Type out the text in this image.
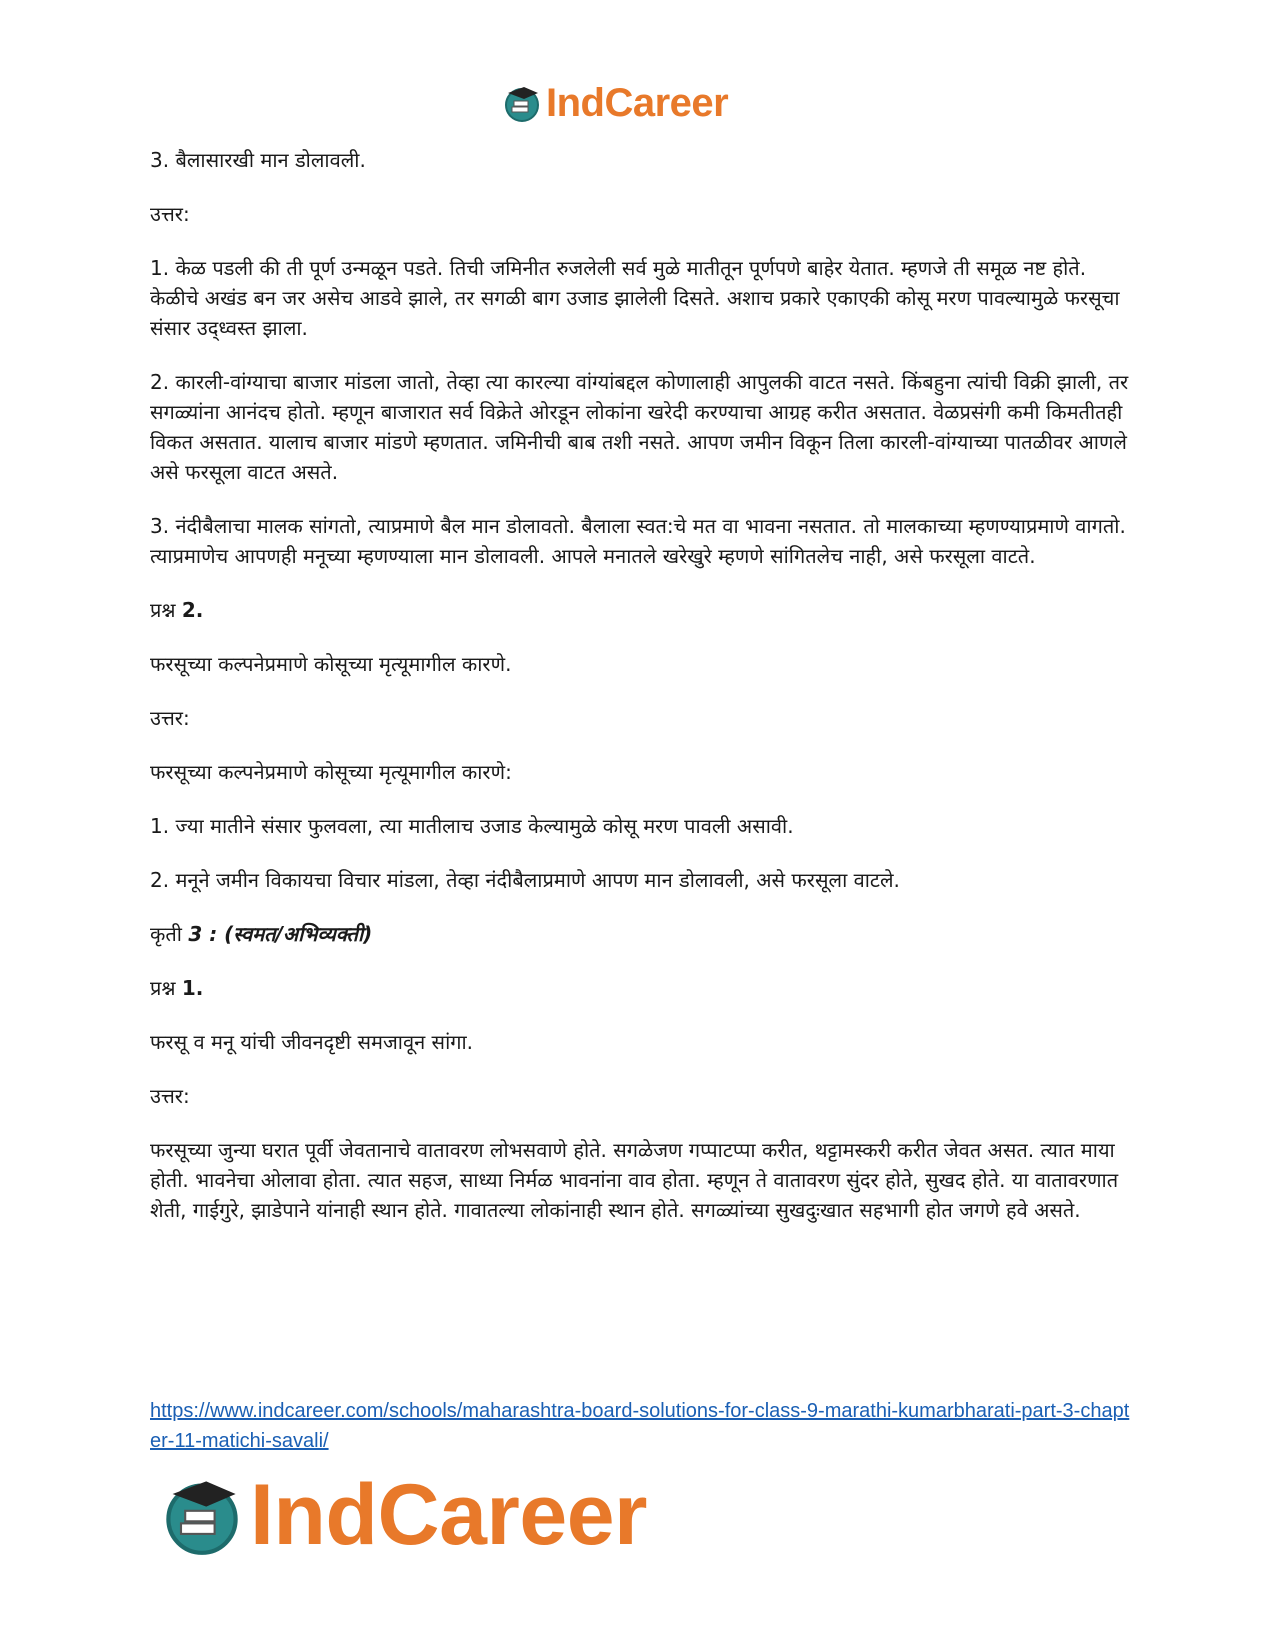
IndCareer

3. बैलासारखी मान डोलावली.

उत्तर:

1. केळ पडली की ती पूर्ण उन्मळून पडते. तिची जमिनीत रुजलेली सर्व मुळे मातीतून पूर्णपणे बाहेर येतात. म्हणजे ती समूळ नष्ट होते. केळीचे अखंड बन जर असेच आडवे झाले, तर सगळी बाग उजाड झालेली दिसते. अशाच प्रकारे एकाएकी कोसू मरण पावल्यामुळे फरसूचा संसार उद्ध्वस्त झाला.

2. कारली-वांग्याचा बाजार मांडला जातो, तेव्हा त्या कारल्या वांग्यांबद्दल कोणालाही आपुलकी वाटत नसते. किंबहुना त्यांची विक्री झाली, तर सगळ्यांना आनंदच होतो. म्हणून बाजारात सर्व विक्रेते ओरडून लोकांना खरेदी करण्याचा आग्रह करीत असतात. वेळप्रसंगी कमी किमतीतही विकत असतात. यालाच बाजार मांडणे म्हणतात. जमिनीची बाब तशी नसते. आपण जमीन विकून तिला कारली-वांग्याच्या पातळीवर आणले असे फरसूला वाटत असते.

3. नंदीबैलाचा मालक सांगतो, त्याप्रमाणे बैल मान डोलावतो. बैलाला स्वत:चे मत वा भावना नसतात. तो मालकाच्या म्हणण्याप्रमाणे वागतो. त्याप्रमाणेच आपणही मनूच्या म्हणण्याला मान डोलावली. आपले मनातले खरेखुरे म्हणणे सांगितलेच नाही, असे फरसूला वाटते.

प्रश्न 2.

फरसूच्या कल्पनेप्रमाणे कोसूच्या मृत्यूमागील कारणे.

उत्तर:

फरसूच्या कल्पनेप्रमाणे कोसूच्या मृत्यूमागील कारणे:

1. ज्या मातीने संसार फुलवला, त्या मातीलाच उजाड केल्यामुळे कोसू मरण पावली असावी.

2. मनूने जमीन विकायचा विचार मांडला, तेव्हा नंदीबैलाप्रमाणे आपण मान डोलावली, असे फरसूला वाटले.

कृती 3 : (स्वमत/अभिव्यक्ती)

प्रश्न 1.

फरसू व मनू यांची जीवनदृष्टी समजावून सांगा.

उत्तर:

फरसूच्या जुन्या घरात पूर्वी जेवतानाचे वातावरण लोभसवाणे होते. सगळेजण गप्पाटप्पा करीत, थट्टामस्करी करीत जेवत असत. त्यात माया होती. भावनेचा ओलावा होता. त्यात सहज, साध्या निर्मळ भावनांना वाव होता. म्हणून ते वातावरण सुंदर होते, सुखद होते. या वातावरणात शेती, गाईगुरे, झाडेपाने यांनाही स्थान होते. गावातल्या लोकांनाही स्थान होते. सगळ्यांच्या सुखदुःखात सहभागी होत जगणे हवे असते.

https://www.indcareer.com/schools/maharashtra-board-solutions-for-class-9-marathi-kumarbharati-part-3-chapter-11-matichi-savali/
IndCareer
